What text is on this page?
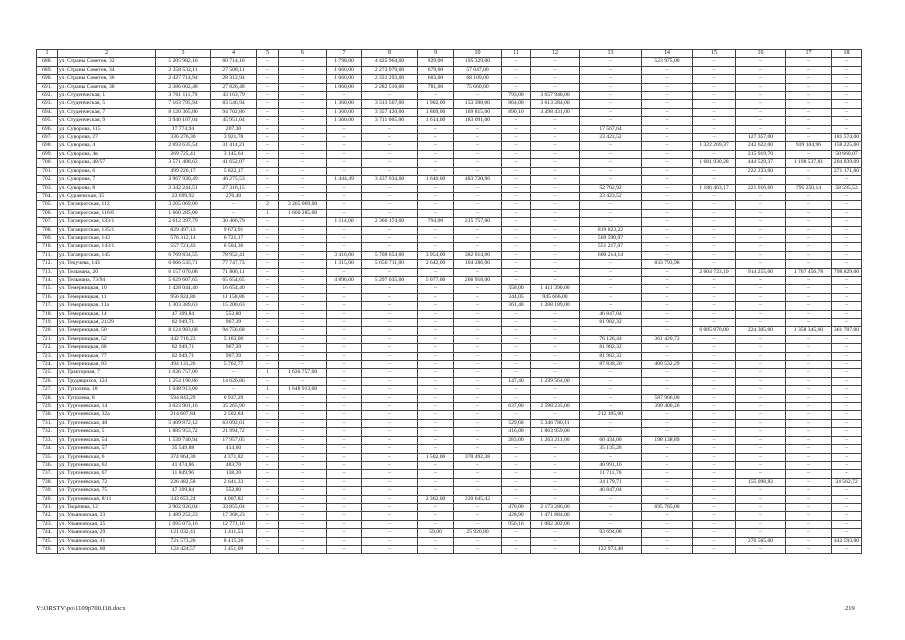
1	2	3	4	5	6	7	8	9	10	11	12	13	14	15	16	17	18
688.	ул. Страны Советов, 32	5 205 982,16	60 714,16	–	–	1 798,00	4 425 964,00	929,00	195 329,00	–	–	–	523 975,00	–	–	–	–
689.	ул. Страны Советов, 34	2 358 532,11	27 508,11	–	–	1 060,00	2 273 979,00	679,00	57 047,00	–	–	–	–	–	–	–	–
690.	ул. Страны Советов, 36	2 427 714,94	28 312,94	–	–	1 060,00	2 331 293,00	603,00	68 109,00	–	–	–	–	–	–	–	–
691.	ул. Страны Советов, 38	2 386 002,48	27 826,48	–	–	1 060,00	2 282 516,00	781,00	75 660,00	–	–	–	–	–	–	–	–
692.	ул. Студенческая, 1	3 701 111,79	43 163,79	–	–	–	–	–	–	793,00	3 657 948,00	–	–	–	–	–	–
693.	ул. Студенческая, 5	7 163 795,94	83 546,94	–	–	1 360,00	3 313 567,00	1 902,00	153 398,00	864,00	3 613 284,00	–	–	–	–	–	–
694.	ул. Студенческая, 7	8 120 365,86	94 702,86	–	–	1 360,00	3 357 420,00	1 869,00	169 815,00	890,10	4 498 431,00	–	–	–	–	–	–
695.	ул. Студенческая, 9	3 940 107,04	45 951,04	–	–	1 360,00	3 711 065,00	1 614,00	183 091,00	–	–	–	–	–	–	–	–
696.	ул. Суворова, 115	17 774,94	207,30	–	–	–	–	–	–	–	–	17 567,64	–	–	–	–	–
697.	ул. Суворова, 27	336 276,30	3 921,78	–	–	–	–	–	–	–	–	23 423,52	–	–	127 357,00	–	181 574,00
698.	ул. Суворова, 4	2 693 635,54	31 414,21	–	–	–	–	–	–	–	–	–	–	1 322 269,37	242 622,00	939 104,96	158 225,00
699.	ул. Суворова, 4в	269 725,41	3 145,64	–	–	–	–	–	–	–	–	–	–	–	215 919,70	–	50 660,07
700.	ул. Суворова, 48/57	3 571 488,62	41 652,07	–	–	–	–	–	–	–	–	–	–	1 681 930,28	444 529,37	1 198 537,81	204 839,09
701.	ул. Суворова, 6	499 226,17	5 822,17	–	–	–	–	–	–	–	–	–	–	–	222 233,00	–	271 171,00
702.	ул. Суворова, 7	3 967 930,49	46 275,53	–	–	1 444,49	3 437 934,00	1 640,00	483 720,96	–	–	–	–	–	–	–	–
703.	ул. Суворова, 8	2 342 244,51	27 316,15	–	–	–	–	–	–	–	–	52 702,92	–	1 186 463,17	221 916,60	795 250,14	58 595,53
704.	ул. Сурженская, 35	23 699,92	276,40	–	–	–	–	–	–	–	–	23 423,52	–	–	–	–	–
705.	ул. Таганрогская, 112	3 265 069,00	–	2	3 265 069,00	–	–	–	–	–	–	–	–	–	–	–	–
706.	ул. Таганрогская, 116/6	1 660 285,00	–	1	1 660 285,00	–	–	–	–	–	–	–	–	–	–	–	–
707.	ул. Таганрогская, 133/1	2 612 397,79	30 466,79	–	–	1 114,00	2 366 174,00	794,00	215 757,00	–	–	–	–	–	–	–	–
708.	ул. Таганрогская, 135/1	829 497,13	9 673,91	–	–	–	–	–	–	–	–	819 823,22	–	–	–	–	–
709.	ул. Таганрогская, 143	576 312,14	6 721,17	–	–	–	–	–	–	–	–	569 590,97	–	–	–	–	–
710.	ул. Таганрогская, 143/1	557 721,43	6 504,36	–	–	–	–	–	–	–	–	551 217,07	–	–	–	–	–
711.	ул. Таганрогская, 145	6 769 834,55	78 952,41	–	–	3 416,00	5 708 654,00	3 954,00	382 014,00	–	–	600 214,14	–	–	–	–	–
712.	ул. Текучева, 143	6 666 535,71	77 747,73	–	–	1 315,00	5 650 711,00	2 642,00	104 286,00	–	–	–	833 793,98	–	–	–	–
713.	ул. Тельмана, 20	6 157 070,08	71 806,11	–	–	–	–	–	–	–	–	–	–	2 604 723,19	914 255,00	1 767 456,78	798 829,00
714.	ул. Тельмана, 73/94	5 629 607,65	65 654,65	–	–	4 896,00	5 297 035,00	5 077,00	266 918,00	–	–	–	–	–	–	–	–
715.	ул. Темерницкая, 10	1 428 044,40	16 654,40	–	–	–	–	–	–	358,00	1 411 390,00	–	–	–	–	–	–
716.	ул. Темерницкая, 11	956 824,86	11 158,86	–	–	–	–	–	–	344,05	945 666,00	–	–	–	–	–	–
717.	ул. Темерницкая, 11а	1 303 389,63	15 200,63	–	–	–	–	–	–	361,48	1 288 189,00	–	–	–	–	–	–
718.	ул. Темерницкая, 14	47 399,84	552,80	–	–	–	–	–	–	–	–	46 847,04	–	–	–	–	–
719.	ул. Темерницкая, 21/29	82 949,71	967,39	–	–	–	–	–	–	–	–	81 982,32	–	–	–	–	–
720.	ул. Темерницкая, 50	8 124 983,68	94 756,68	–	–	–	–	–	–	–	–	–	–	6 085 870,00	224 305,00	1 358 345,00	361 707,00
721.	ул. Темерницкая, 52	442 710,23	5 163,06	–	–	–	–	–	–	–	–	76 126,44	361 420,73	–	–	–	–
722.	ул. Темерницкая, 68	82 949,71	967,39	–	–	–	–	–	–	–	–	81 982,32	–	–	–	–	–
723.	ул. Темерницкая, 77	82 949,71	967,39	–	–	–	–	–	–	–	–	81 982,32	–	–	–	–	–
724.	ул. Темерницкая, 83	494 133,26	5 762,77	–	–	–	–	–	–	–	–	87 838,20	400 532,29	–	–	–	–
725.	ул. Тракторная, 7	1 636 757,00	–	1	1 636 757,00	–	–	–	–	–	–	–	–	–	–	–	–
726.	ул. Трудящихся, 124	1 254 190,86	14 626,86	–	–	–	–	–	–	147,40	1 239 564,00	–	–	–	–	–	–
727.	ул. Туполева, 18	1 648 913,00	–	1	1 648 913,00	–	–	–	–	–	–	–	–	–	–	–	–
728.	ул. Туполева, 8	594 843,29	6 937,29	–	–	–	–	–	–	–	–	–	587 906,00	–	–	–	–
729.	ул. Тургеневская, 14	3 023 901,16	35 265,90	–	–	–	–	–	–	637,00	2 598 235,00	–	390 400,26	–	–	–	–
730.	ул. Тургеневская, 32а	214 607,84	2 502,84	–	–	–	–	–	–	–	–	212 105,00	–	–	–	–	–
731.	ул. Тургеневская, 48	5 409 872,12	63 092,01	–	–	–	–	–	–	529,68	5 346 780,11	–	–	–	–	–	–
732.	ул. Тургеневская, 5	1 885 953,72	21 994,72	–	–	–	–	–	–	416,00	1 863 959,00	–	–	–	–	–	–
733.	ул. Тургеневская, 54	1 539 740,94	17 957,05	–	–	–	–	–	–	283,00	1 263 211,00	60 434,00	198 138,89	–	–	–	–
734.	ул. Тургеневская, 57	35 549,88	414,60	–	–	–	–	–	–	–	–	35 135,28	–	–	–	–	–
735.	ул. Тургеневская, 6	374 864,30	4 371,82	–	–	–	–	1 502,00	370 492,38	–	–	–	–	–	–	–	–
736.	ул. Тургеневская, 62	41 474,86	483,70	–	–	–	–	–	–	–	–	40 991,16	–	–	–	–	–
737.	ул. Тургеневская, 67	11 849,96	138,20	–	–	–	–	–	–	–	–	11 711,76	–	–	–	–	–
738.	ул. Тургеневская, 72	226 482,58	2 641,33	–	–	–	–	–	–	–	–	34 179,71	–	–	155 098,82	–	34 562,72
739.	ул. Тургеневская, 75	47 399,84	552,80	–	–	–	–	–	–	–	–	46 847,04	–	–	–	–	–
740.	ул. Тургеневская, 8/11	343 653,24	4 007,82	–	–	–	–	2 362,00	339 645,42	–	–	–	–	–	–	–	–
741.	ул. Тюрязева, 12	2 902 926,04	33 855,04	–	–	–	–	–	–	470,00	2 173 286,00	–	695 785,00	–	–	–	–
742.	ул. Ульяновская, 23	1 489 252,23	17 368,23	–	–	–	–	–	–	428,90	1 471 884,00	–	–	–	–	–	–
743.	ул. Ульяновская, 25	1 095 073,16	12 771,16	–	–	–	–	–	–	956,16	1 082 302,00	–	–	–	–	–	–
744.	ул. Ульяновская, 29	121 032,41	1 411,53	–	–	–	–	59,00	25 926,80	–	–	93 694,08	–	–	–	–	–
745.	ул. Ульяновская, 41	721 573,26	8 415,26	–	–	–	–	–	–	–	–	–	–	–	270 565,00	–	442 593,00
746.	ул. Ульяновская, 60	124 424,57	1 451,09	–	–	–	–	–	–	–	–	122 973,48	–	–	–	–	–
Y:\ORSTV\po\1109p700.f18.docx	219
